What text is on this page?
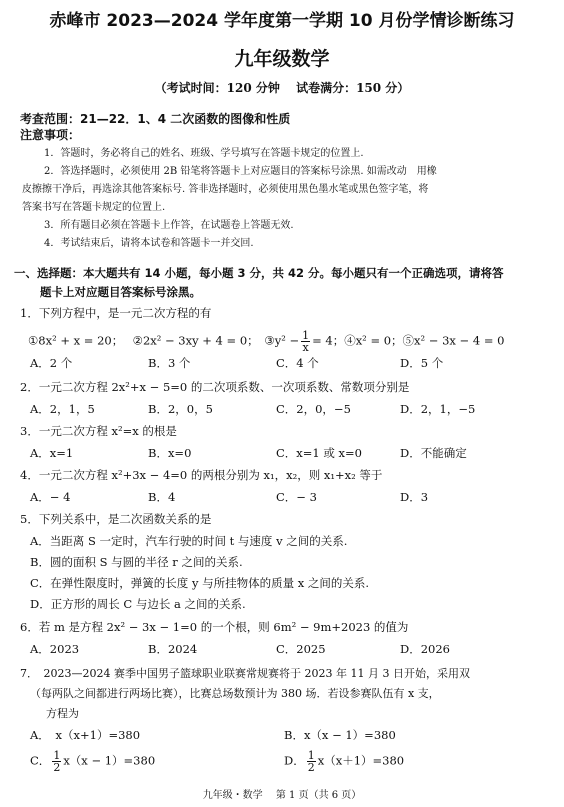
赤峰市 2023—2024 学年度第一学期 10 月份学情诊断练习
九年级数学
（考试时间：120 分钟　 试卷满分：150 分）
考查范围：21—22．1、4 二次函数的图像和性质
注意事项：
1．答题时，务必将自己的姓名、班级、学号填写在答题卡规定的位置上.
2．答选择题时，必须使用 2B 铅笔将答题卡上对应题目的答案标号涂黑. 如需改动　用橡
皮擦擦干净后，再选涂其他答案标号. 答非选择题时，必须使用黑色墨水笔或黑色签字笔，将
答案书写在答题卡规定的位置上.
3．所有题目必须在答题卡上作答，在试题卷上答题无效.
4．考试结束后，请将本试卷和答题卡一并交回.
一、选择题：本大题共有 14 小题，每小题 3 分，共 42 分。每小题只有一个正确选项，请将答
题卡上对应题目答案标号涂黑。
1．下列方程中，是一元二次方程的有
①8x² + x = 20；　 ②2x² − 3xy + 4 = 0；　③y² − $\frac{1}{x} = 4$；④x² = 0；⑤x² − 3x − 4 = 0
A．2 个	B．3 个	C．4 个	D．5 个
2．一元二次方程 2x²+x − 5=0 的二次项系数、一次项系数、常数项分别是
A．2，1，5	B．2，0，5	C．2，0，−5	D．2，1，−5
3．一元二次方程 x²=x 的根是
A．x=1	B．x=0	C．x=1 或 x=0	D．不能确定
4．一元二次方程 x²+3x − 4=0 的两根分别为 x₁，x₂，则 x₁+x₂ 等于
A．− 4	B．4	C．− 3	D．3
5．下列关系中，是二次函数关系的是
A．当距离 S 一定时，汽车行驶的时间 t 与速度 v 之间的关系.
B．圆的面积 S 与圆的半径 r 之间的关系.
C．在弹性限度时，弹簧的长度 y 与所挂物体的质量 x 之间的关系.
D．正方形的周长 C 与边长 a 之间的关系.
6．若 m 是方程 2x² − 3x − 1=0 的一个根，则 6m² − 9m+2023 的值为
A．2023	B．2024	C．2025	D．2026
7．　2023—2024 赛季中国男子篮球职业联赛常规赛将于 2023 年 11 月 3 日开始，采用双
（每两队之间都进行两场比赛），比赛总场数预计为 380 场．若设参赛队伍有 x 支，
方程为
A．　x（x+1）=380	B．x（x − 1）=380
C． $\frac{1}{2} x(x - 1)=380$	D． $\frac{1}{2} x(x+1)=380$
九年级・数学　 第 1 页（共 6 页）
